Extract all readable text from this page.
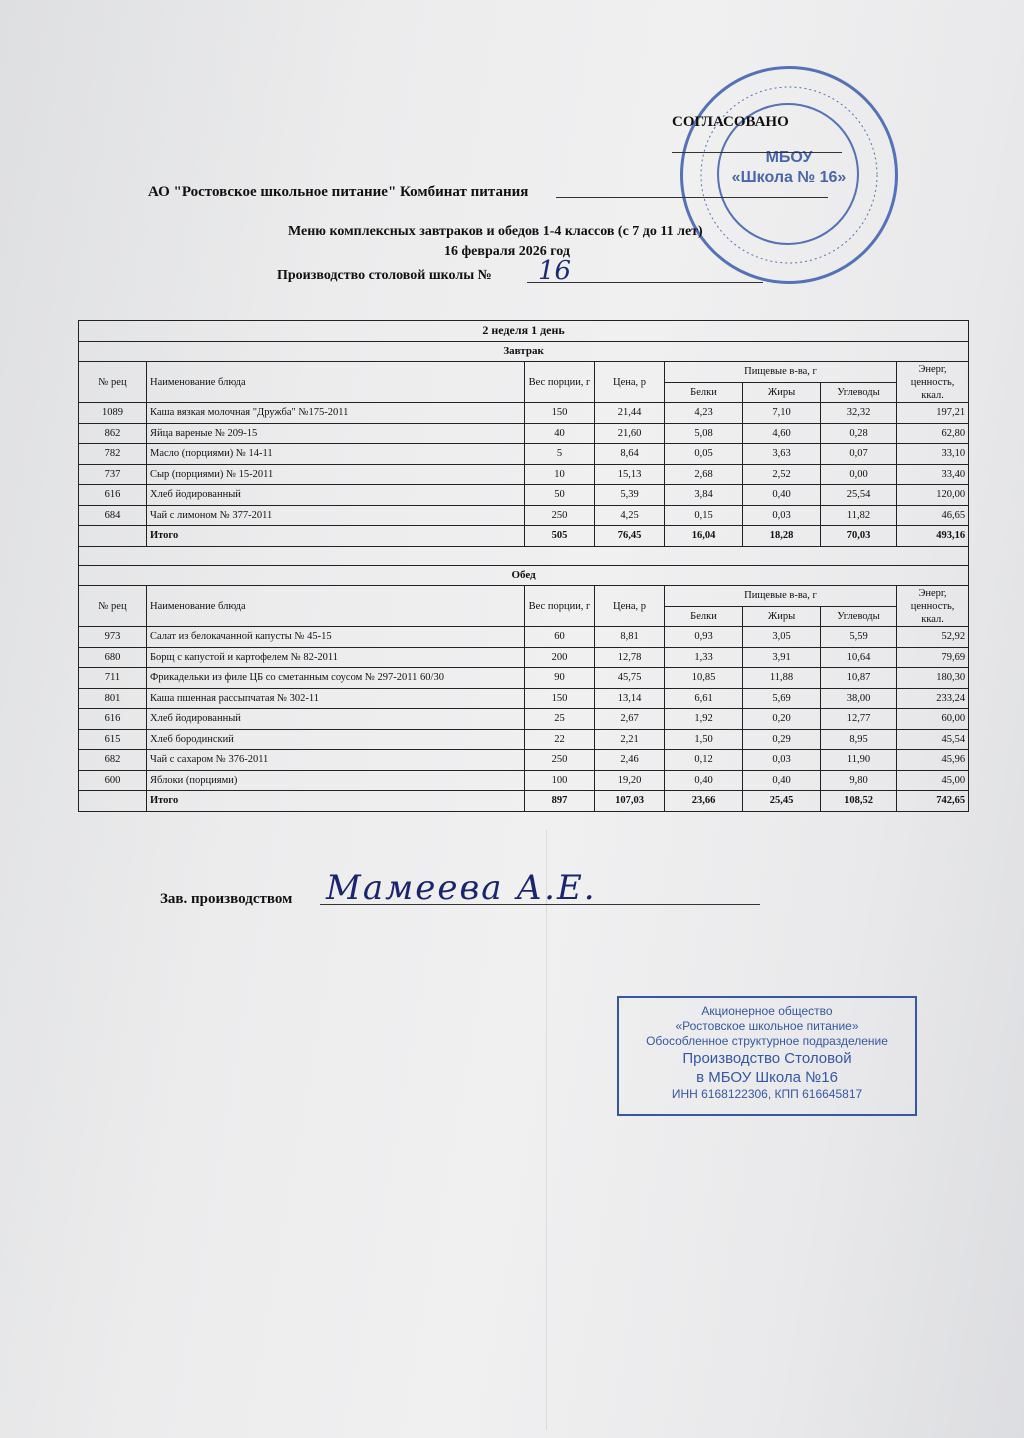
МБОУ
«Школа № 16»
СОГЛАСОВАНО
АО "Ростовское школьное питание" Комбинат питания
Меню комплексных завтраков и обедов 1-4 классов (с 7 до 11 лет)
16 февраля 2026 год
Производство столовой школы № 16
2 неделя 1 день							
Завтрак							
№ рец	Наименование блюда	Вес порции, г	Цена, р	Пищевые в-ва, г			Энерг, ценность, ккал.
				Белки	Жиры	Углеводы	
1089	Каша вязкая молочная "Дружба" №175-2011	150	21,44	4,23	7,10	32,32	197,21
862	Яйца вареные № 209-15	40	21,60	5,08	4,60	0,28	62,80
782	Масло (порциями) № 14-11	5	8,64	0,05	3,63	0,07	33,10
737	Сыр (порциями) № 15-2011	10	15,13	2,68	2,52	0,00	33,40
616	Хлеб йодированный	50	5,39	3,84	0,40	25,54	120,00
684	Чай с лимоном № 377-2011	250	4,25	0,15	0,03	11,82	46,65
	Итого	505	76,45	16,04	18,28	70,03	493,16

Обед							
№ рец	Наименование блюда	Вес порции, г	Цена, р	Пищевые в-ва, г			Энерг, ценность, ккал.
				Белки	Жиры	Углеводы	
973	Салат из белокачанной капусты № 45-15	60	8,81	0,93	3,05	5,59	52,92
680	Борщ с капустой и картофелем № 82-2011	200	12,78	1,33	3,91	10,64	79,69
711	Фрикадельки из филе ЦБ со сметанным соусом № 297-2011 60/30	90	45,75	10,85	11,88	10,87	180,30
801	Каша пшенная рассыпчатая № 302-11	150	13,14	6,61	5,69	38,00	233,24
616	Хлеб йодированный	25	2,67	1,92	0,20	12,77	60,00
615	Хлеб бородинский	22	2,21	1,50	0,29	8,95	45,54
682	Чай с сахаром № 376-2011	250	2,46	0,12	0,03	11,90	45,96
600	Яблоки (порциями)	100	19,20	0,40	0,40	9,80	45,00
	Итого	897	107,03	23,66	25,45	108,52	742,65
Зав. производством Мамеева А.Е.
Акционерное общество
«Ростовское школьное питание»
Обособленное структурное подразделение
Производство Столовой
в МБОУ Школа №16
ИНН 6168122306, КПП 616645817
